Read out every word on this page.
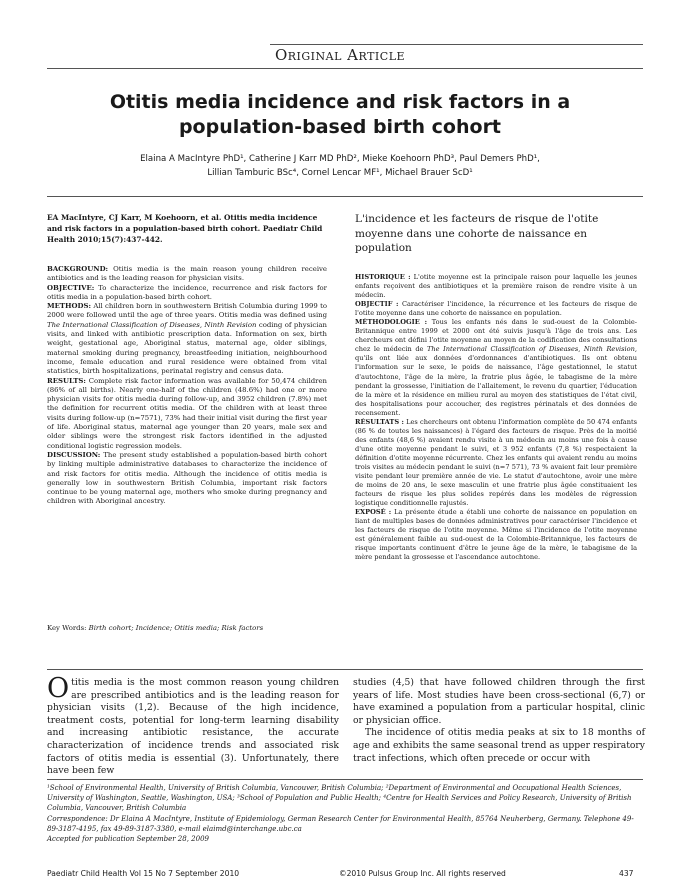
Original Article
Otitis media incidence and risk factors in a population-based birth cohort
Elaina A MacIntyre PhD¹, Catherine J Karr MD PhD², Mieke Koehoorn PhD³, Paul Demers PhD¹,
Lillian Tamburic BSc⁴, Cornel Lencar MF¹, Michael Brauer ScD¹
EA MacIntyre, CJ Karr, M Koehoorn, et al. Otitis media incidence and risk factors in a population-based birth cohort. Paediatr Child Health 2010;15(7):437-442.

BACKGROUND: Otitis media is the main reason young children receive antibiotics and is the leading reason for physician visits.

OBJECTIVE: To characterize the incidence, recurrence and risk factors for otitis media in a population-based birth cohort.

METHODS: All children born in southwestern British Columbia during 1999 to 2000 were followed until the age of three years. Otitis media was defined using The International Classification of Diseases, Ninth Revision coding of physician visits, and linked with antibiotic prescription data. Information on sex, birth weight, gestational age, Aboriginal status, maternal age, older siblings, maternal smoking during pregnancy, breastfeeding initiation, neighbourhood income, female education and rural residence were obtained from vital statistics, birth hospitalizations, perinatal registry and census data.

RESULTS: Complete risk factor information was available for 50,474 children (86% of all births). Nearly one-half of the children (48.6%) had one or more physician visits for otitis media during follow-up, and 3952 children (7.8%) met the definition for recurrent otitis media. Of the children with at least three visits during follow-up (n=7571), 73% had their initial visit during the first year of life. Aboriginal status, maternal age younger than 20 years, male sex and older siblings were the strongest risk factors identified in the adjusted conditional logistic regression models.

DISCUSSION: The present study established a population-based birth cohort by linking multiple administrative databases to characterize the incidence of and risk factors for otitis media. Although the incidence of otitis media is generally low in southwestern British Columbia, important risk factors continue to be young maternal age, mothers who smoke during pregnancy and children with Aboriginal ancestry.

Key Words: Birth cohort; Incidence; Otitis media; Risk factors
L'incidence et les facteurs de risque de l'otite moyenne dans une cohorte de naissance en population

HISTORIQUE : L'otite moyenne est la principale raison pour laquelle les jeunes enfants reçoivent des antibiotiques et la première raison de rendre visite à un médecin.

OBJECTIF : Caractériser l'incidence, la récurrence et les facteurs de risque de l'otite moyenne dans une cohorte de naissance en population.

MÉTHODOLOGIE : Tous les enfants nés dans le sud-ouest de la Colombie-Britannique entre 1999 et 2000 ont été suivis jusqu'à l'âge de trois ans. Les chercheurs ont défini l'otite moyenne au moyen de la codification des consultations chez le médecin de The International Classification of Diseases, Ninth Revision, qu'ils ont liée aux données d'ordonnances d'antibiotiques. Ils ont obtenu l'information sur le sexe, le poids de naissance, l'âge gestationnel, le statut d'autochtone, l'âge de la mère, la fratrie plus âgée, le tabagisme de la mère pendant la grossesse, l'initiation de l'allaitement, le revenu du quartier, l'éducation de la mère et la résidence en milieu rural au moyen des statistiques de l'état civil, des hospitalisations pour accoucher, des registres périnatals et des données de recensement.

RÉSULTATS : Les chercheurs ont obtenu l'information complète de 50 474 enfants (86 % de toutes les naissances) à l'égard des facteurs de risque. Près de la moitié des enfants (48,6 %) avaient rendu visite à un médecin au moins une fois à cause d'une otite moyenne pendant le suivi, et 3 952 enfants (7,8 %) respectaient la définition d'otite moyenne récurrente. Chez les enfants qui avaient rendu au moins trois visites au médecin pendant le suivi (n=7 571), 73 % avaient fait leur première visite pendant leur première année de vie. Le statut d'autochtone, avoir une mère de moins de 20 ans, le sexe masculin et une fratrie plus âgée constituaient les facteurs de risque les plus solides repérés dans les modèles de régression logistique conditionnelle rajustés.

EXPOSÉ : La présente étude a établi une cohorte de naissance en population en liant de multiples bases de données administratives pour caractériser l'incidence et les facteurs de risque de l'otite moyenne. Même si l'incidence de l'otite moyenne est généralement faible au sud-ouest de la Colombie-Britannique, les facteurs de risque importants continuent d'être le jeune âge de la mère, le tabagisme de la mère pendant la grossesse et l'ascendance autochtone.

Otitis media is the most common reason young children are prescribed antibiotics and is the leading reason for physician visits (1,2). Because of the high incidence, treatment costs, potential for long-term learning disability and increasing antibiotic resistance, the accurate characterization of incidence trends and associated risk factors of otitis media is essential (3). Unfortunately, there have been few

studies (4,5) that have followed children through the first years of life. Most studies have been cross-sectional (6,7) or have examined a population from a particular hospital, clinic or physician office.

The incidence of otitis media peaks at six to 18 months of age and exhibits the same seasonal trend as upper respiratory tract infections, which often precede or occur with

¹School of Environmental Health, University of British Columbia, Vancouver, British Columbia; ²Department of Environmental and Occupational Health Sciences, University of Washington, Seattle, Washington, USA; ³School of Population and Public Health; ⁴Centre for Health Services and Policy Research, University of British Columbia, Vancouver, British Columbia

Correspondence: Dr Elaina A MacIntyre, Institute of Epidemiology, German Research Center for Environmental Health, 85764 Neuherberg, Germany. Telephone 49-89-3187-4195, fax 49-89-3187-3380, e-mail elaimd@interchange.ubc.ca

Accepted for publication September 28, 2009

Paediatr Child Health Vol 15 No 7 September 2010	©2010 Pulsus Group Inc. All rights reserved	437
